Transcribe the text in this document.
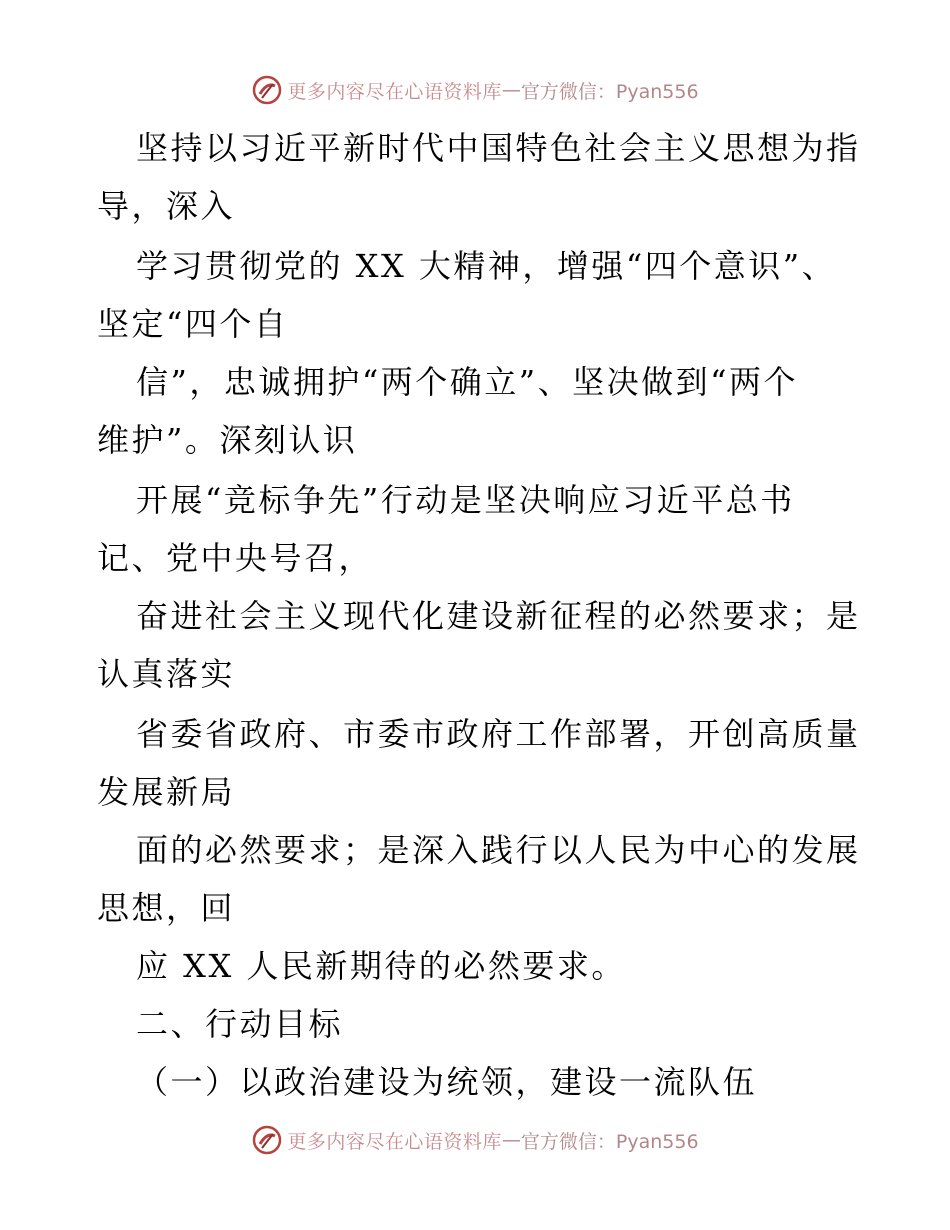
更多内容尽在心语资料库 — 官方微信：Pyan556
坚持以习近平新时代中国特色社会主义思想为指
导，深入
学习贯彻党的 XX 大精神，增强“四个意识”、
坚定“四个自
信”，忠诚拥护“两个确立”、坚决做到“两个
维护”。深刻认识
开展“竞标争先”行动是坚决响应习近平总书
记、党中央号召，
奋进社会主义现代化建设新征程的必然要求；是
认真落实
省委省政府、市委市政府工作部署，开创高质量
发展新局
面的必然要求；是深入践行以人民为中心的发展
思想，回
应 XX 人民新期待的必然要求。
二、行动目标
（一）以政治建设为统领，建设一流队伍
更多内容尽在心语资料库 — 官方微信：Pyan556
